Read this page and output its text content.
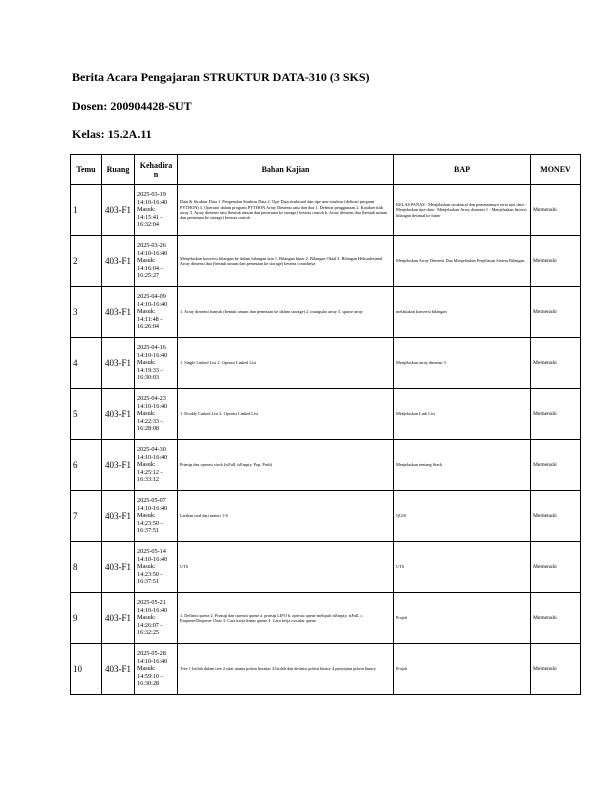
Berita Acara Pengajaran STRUKTUR DATA-310 (3 SKS)
Dosen: 200904428-SUT
Kelas: 15.2A.11
Temu	Ruang	Kehadira n	Bahan Kajian	BAP	MONEV
1	403-F1	2025-03-19 14:10-16:40 Masuk: 14:15:41 - 16:32:04	Data & Struktur Data 1. Pengenalan Struktur Data 2. Tipe Data struktural dan tipe non-struktur (definisi program PYTHON) 3. Operator dalam program PYTHON Array Dimensi satu dan dua 1. Definisi penggunaan 2. Karakteristik array 3. Array dimensi satu (bentuk umum dan pemetaan ke storage) beserta contoh b. Array dimensi dua (bentuk umum dan pemetaan ke storage) beserta contoh.	KELAS PANAS - Menjelaskan struktural dan pemetaannya serta tipe data - Menjelaskan tipe data - Menjelaskan Array dimensi 1 - Menjelaskan Inversi bilangan desimal ke biner	Memenuhi
2	403-F1	2025-03-26 14:10-16:40 Masuk: 14:16:04 - 16:25:27	Menjelaskan konversi bilangan ke dalam bilangan lain 1. Bilangan biner 2. Bilangan Oktal 3. Bilangan Heksadesimal Array dimensi dua (bentuk umum dan pemetaan ke storage) beserta contohnya	Menjelaskan Array Dimensi Dua Menjelaskan Penjelasan Sistem Bilangan	Memenuhi
3	403-F1	2025-04-09 14:10-16:40 Masuk: 14:11:48 - 16:26:04	1. Array dimensi banyak (bentuk umum dan pemetaan ke dalam storage) 2. triangular array 3. sparse array	melakukan konversi bilangan	Memenuhi
4	403-F1	2025-04-16 14:10-16:40 Masuk: 14:19:33 - 16:30:03	1. Single Linked List 2. Operasi Linked List	Menjelaskan array dimensi 3	Memenuhi
5	403-F1	2025-04-23 14:10-16:40 Masuk: 14:22:33 - 16:28:08	1. Doubly Linked List 2. Operasi Linked List	Menjelaskan Link List	Memenuhi
6	403-F1	2025-04-30 14:10-16:40 Masuk: 14:25:12 - 16:33:12	Prinsip dan operasi stack (isFull, isEmpty, Pop, Push)	Menjelaskan tentang Stack	Memenuhi
7	403-F1	2025-05-07 14:10-16:40 Masuk: 14:23:50 - 16:37:51	Latihan soal dari materi 1-6	QUIS	Memenuhi
8	403-F1	2025-05-14 14:10-16:40 Masuk: 14:23:50 - 16:37:51	UTS	UTS	Memenuhi
9	403-F1	2025-05-21 14:10-16:40 Masuk: 14:26:07 - 16:32:25	1. Definisi queue 2. Prinsip dan operasi queue a. prinsip LIFO b. operasi queue meliputi isEmpty, isFull, c. Enqueue/Dequeue Clear 3. Cara kerja linear queue 4. Cara kerja circular queue	Projek	Memenuhi
10	403-F1	2025-05-28 14:10-16:40 Masuk: 14:59:10 - 16:30:28	Tree 1.Istilah dalam tree 2.sifat utama pohon berakar 3.Istilah dan definisi pohon binary 4.penyajian pohon binary	Projek	Memenuhi
